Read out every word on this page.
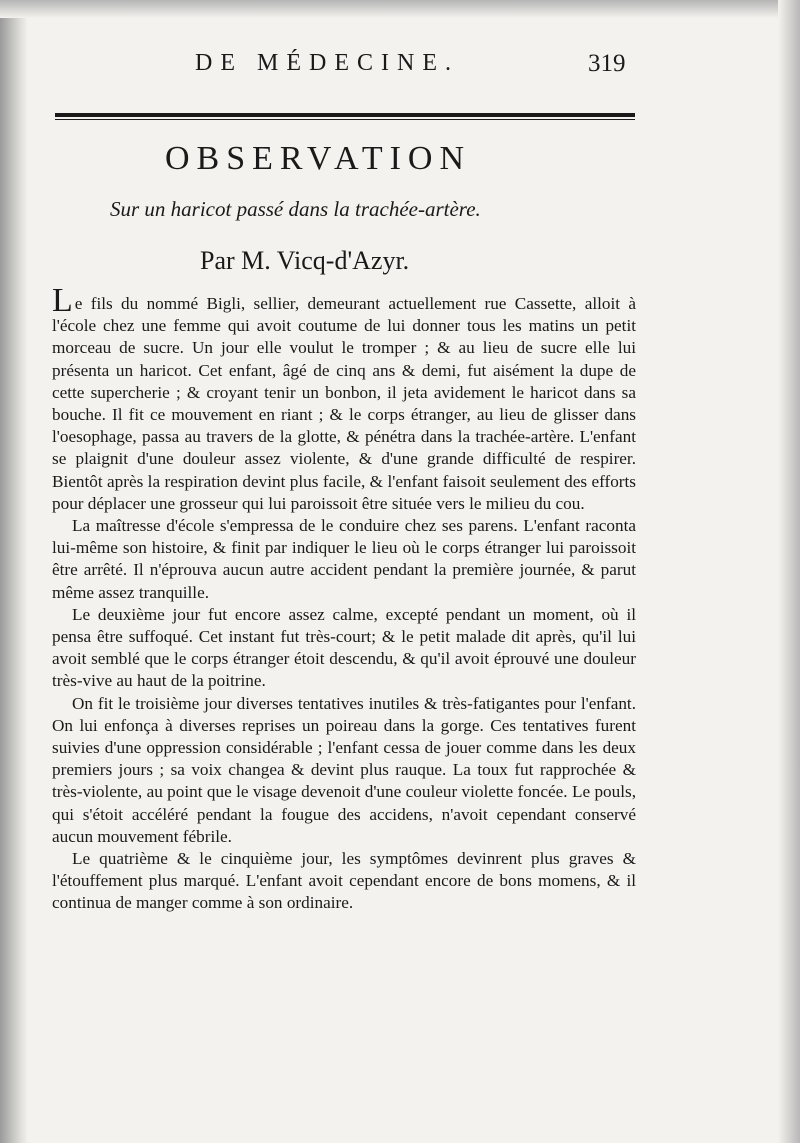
DE MÉDECINE.	319
OBSERVATION
Sur un haricot passé dans la trachée-artère.
Par M. Vicq-d'Azyr.

Le fils du nommé Bigli, sellier, demeurant actuellement rue Cassette, alloit à l'école chez une femme qui avoit coutume de lui donner tous les matins un petit morceau de sucre. Un jour elle voulut le tromper ; & au lieu de sucre elle lui présenta un haricot. Cet enfant, âgé de cinq ans & demi, fut aisément la dupe de cette supercherie ; & croyant tenir un bonbon, il jeta avidement le haricot dans sa bouche. Il fit ce mouvement en riant ; & le corps étranger, au lieu de glisser dans l'oesophage, passa au travers de la glotte, & pénétra dans la trachée-artère. L'enfant se plaignit d'une douleur assez violente, & d'une grande difficulté de respirer. Bientôt après la respiration devint plus facile, & l'enfant faisoit seulement des efforts pour déplacer une grosseur qui lui paroissoit être située vers le milieu du cou.

La maîtresse d'école s'empressa de le conduire chez ses parens. L'enfant raconta lui-même son histoire, & finit par indiquer le lieu où le corps étranger lui paroissoit être arrêté. Il n'éprouva aucun autre accident pendant la première journée, & parut même assez tranquille.

Le deuxième jour fut encore assez calme, excepté pendant un moment, où il pensa être suffoqué. Cet instant fut très-court; & le petit malade dit après, qu'il lui avoit semblé que le corps étranger étoit descendu, & qu'il avoit éprouvé une douleur très-vive au haut de la poitrine.

On fit le troisième jour diverses tentatives inutiles & très-fatigantes pour l'enfant. On lui enfonça à diverses reprises un poireau dans la gorge. Ces tentatives furent suivies d'une oppression considérable ; l'enfant cessa de jouer comme dans les deux premiers jours ; sa voix changea & devint plus rauque. La toux fut rapprochée & très-violente, au point que le visage devenoit d'une couleur violette foncée. Le pouls, qui s'étoit accéléré pendant la fougue des accidens, n'avoit cependant conservé aucun mouvement fébrile.

Le quatrième & le cinquième jour, les symptômes devinrent plus graves & l'étouffement plus marqué. L'enfant avoit cependant encore de bons momens, & il continua de manger comme à son ordinaire.
